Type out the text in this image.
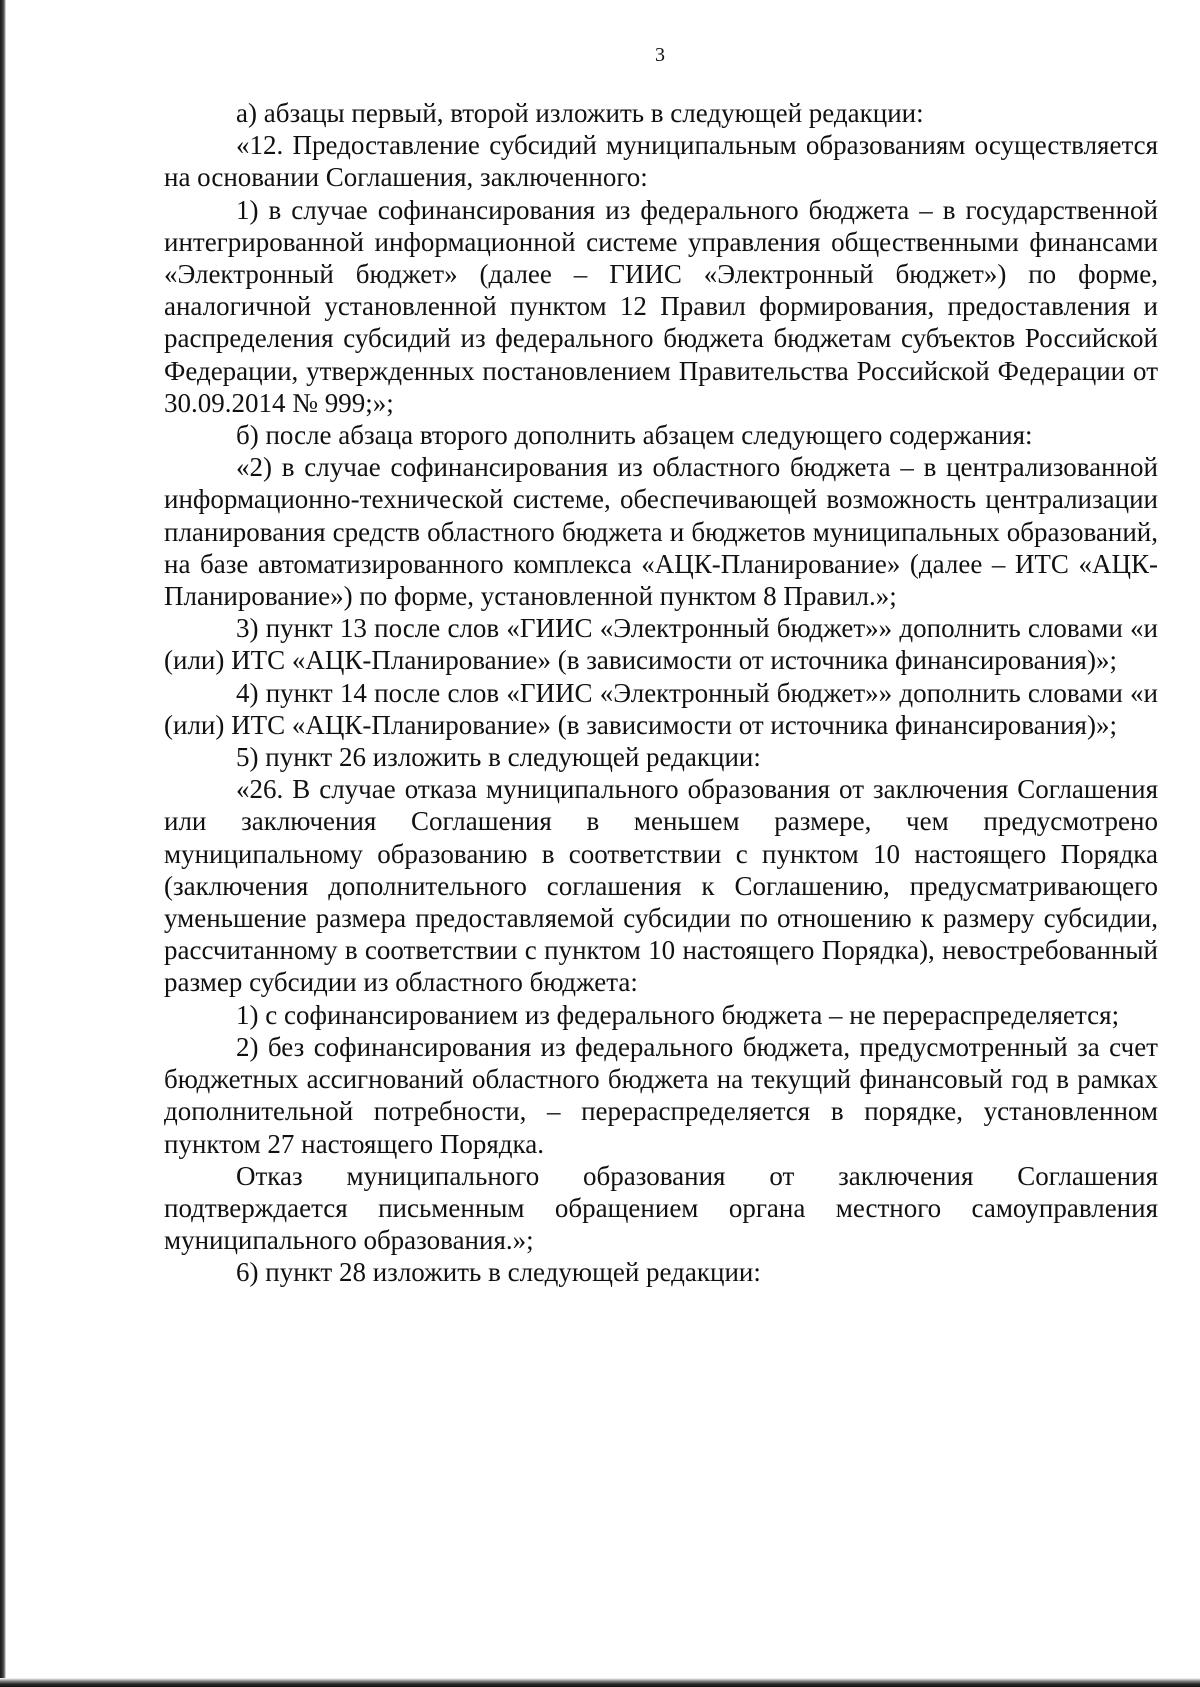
3

а) абзацы первый, второй изложить в следующей редакции:

«12. Предоставление субсидий муниципальным образованиям осуществляется на основании Соглашения, заключенного:

1) в случае софинансирования из федерального бюджета – в государственной интегрированной информационной системе управления общественными финансами «Электронный бюджет» (далее – ГИИС «Электронный бюджет») по форме, аналогичной установленной пунктом 12 Правил формирования, предоставления и распределения субсидий из федерального бюджета бюджетам субъектов Российской Федерации, утвержденных постановлением Правительства Российской Федерации от 30.09.2014 № 999;»;

б) после абзаца второго дополнить абзацем следующего содержания:

«2) в случае софинансирования из областного бюджета – в централизованной информационно-технической системе, обеспечивающей возможность централизации планирования средств областного бюджета и бюджетов муниципальных образований, на базе автоматизированного комплекса «АЦК-Планирование» (далее – ИТС «АЦК-Планирование») по форме, установленной пунктом 8 Правил.»;

3) пункт 13 после слов «ГИИС «Электронный бюджет»» дополнить словами «и (или) ИТС «АЦК-Планирование» (в зависимости от источника финансирования)»;

4) пункт 14 после слов «ГИИС «Электронный бюджет»» дополнить словами «и (или) ИТС «АЦК-Планирование» (в зависимости от источника финансирования)»;

5) пункт 26 изложить в следующей редакции:

«26. В случае отказа муниципального образования от заключения Соглашения или заключения Соглашения в меньшем размере, чем предусмотрено муниципальному образованию в соответствии с пунктом 10 настоящего Порядка (заключения дополнительного соглашения к Соглашению, предусматривающего уменьшение размера предоставляемой субсидии по отношению к размеру субсидии, рассчитанному в соответствии с пунктом 10 настоящего Порядка), невостребованный размер субсидии из областного бюджета:

1) с софинансированием из федерального бюджета – не перераспределяется;

2) без софинансирования из федерального бюджета, предусмотренный за счет бюджетных ассигнований областного бюджета на текущий финансовый год в рамках дополнительной потребности, – перераспределяется в порядке, установленном пунктом 27 настоящего Порядка.

Отказ муниципального образования от заключения Соглашения подтверждается письменным обращением органа местного самоуправления муниципального образования.»;

6) пункт 28 изложить в следующей редакции:
